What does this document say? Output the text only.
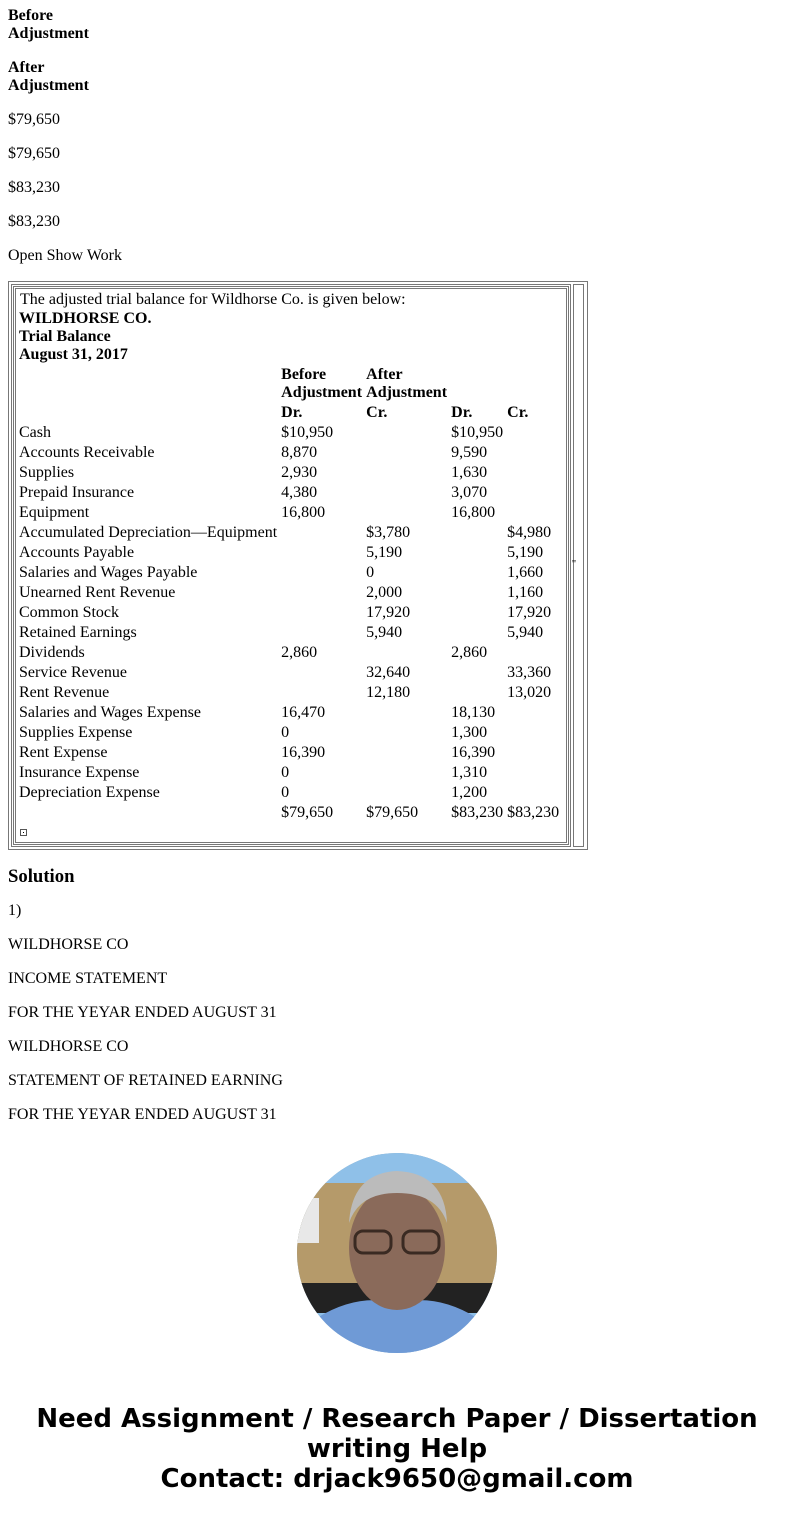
Before
Adjustment

After
Adjustment

$79,650

$79,650

$83,230

$83,230

Open Show Work

The adjusted trial balance for Wildhorse Co. is given below:
WILDHORSE CO.
Trial Balance
August 31, 2017				
	Before
Adjustment	After
Adjustment		
	Dr.	Cr.	Dr.	Cr.
Cash	$10,950		$10,950	
Accounts Receivable	8,870		9,590	
Supplies	2,930		1,630	
Prepaid Insurance	4,380		3,070	
Equipment	16,800		16,800	
Accumulated Depreciation—Equipment		$3,780		$4,980
Accounts Payable		5,190		5,190
Salaries and Wages Payable		0		1,660
Unearned Rent Revenue		2,000		1,160
Common Stock		17,920		17,920
Retained Earnings		5,940		5,940
Dividends	2,860		2,860	
Service Revenue		32,640		33,360
Rent Revenue		12,180		13,020
Salaries and Wages Expense	16,470		18,130	
Supplies Expense	0		1,300	
Rent Expense	16,390		16,390	
Insurance Expense	0		1,310	
Depreciation Expense	0		1,200	
	$79,650	$79,650	$83,230	$83,230
''
Solution

1)

WILDHORSE CO

INCOME STATEMENT

FOR THE YEYAR ENDED AUGUST 31

WILDHORSE CO

STATEMENT OF RETAINED EARNING

FOR THE YEYAR ENDED AUGUST 31

Need Assignment / Research Paper / Dissertation
writing Help
Contact: drjack9650@gmail.com
